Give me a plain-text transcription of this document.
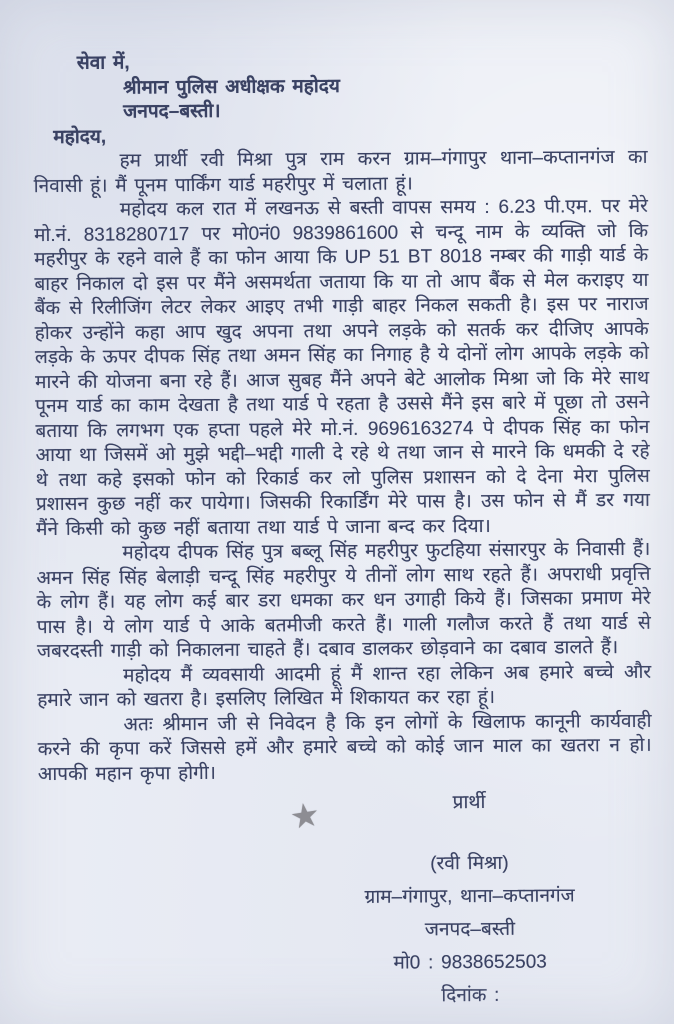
सेवा में,
श्रीमान पुलिस अधीक्षक महोदय
जनपद–बस्ती।
महोदय,

हम प्रार्थी रवी मिश्रा पुत्र राम करन ग्राम–गंगापुर थाना–कप्तानगंज का निवासी हूं। मैं पूनम पार्किंग यार्ड महरीपुर में चलाता हूं।

महोदय कल रात में लखनऊ से बस्ती वापस समय : 6.23 पी.एम. पर मेरे मो.नं. 8318280717 पर मो0नं0 9839861600 से चन्दू नाम के व्यक्ति जो कि महरीपुर के रहने वाले हैं का फोन आया कि UP 51 BT 8018 नम्बर की गाड़ी यार्ड के बाहर निकाल दो इस पर मैंने असमर्थता जताया कि या तो आप बैंक से मेल कराइए या बैंक से रिलीजिंग लेटर लेकर आइए तभी गाड़ी बाहर निकल सकती है। इस पर नाराज होकर उन्होंने कहा आप खुद अपना तथा अपने लड़के को सतर्क कर दीजिए आपके लड़के के ऊपर दीपक सिंह तथा अमन सिंह का निगाह है ये दोनों लोग आपके लड़के को मारने की योजना बना रहे हैं। आज सुबह मैंने अपने बेटे आलोक मिश्रा जो कि मेरे साथ पूनम यार्ड का काम देखता है तथा यार्ड पे रहता है उससे मैंने इस बारे में पूछा तो उसने बताया कि लगभग एक हप्ता पहले मेरे मो.नं. 9696163274 पे दीपक सिंह का फोन आया था जिसमें ओ मुझे भद्दी–भद्दी गाली दे रहे थे तथा जान से मारने कि धमकी दे रहे थे तथा कहे इसको फोन को रिकार्ड कर लो पुलिस प्रशासन को दे देना मेरा पुलिस प्रशासन कुछ नहीं कर पायेगा। जिसकी रिकार्डिंग मेरे पास है। उस फोन से मैं डर गया मैंने किसी को कुछ नहीं बताया तथा यार्ड पे जाना बन्द कर दिया।

महोदय दीपक सिंह पुत्र बब्लू सिंह महरीपुर फुटहिया संसारपुर के निवासी हैं। अमन सिंह सिंह बेलाड़ी चन्दू सिंह महरीपुर ये तीनों लोग साथ रहते हैं। अपराधी प्रवृत्ति के लोग हैं। यह लोग कई बार डरा धमका कर धन उगाही किये हैं। जिसका प्रमाण मेरे पास है। ये लोग यार्ड पे आके बतमीजी करते हैं। गाली गलौज करते हैं तथा यार्ड से जबरदस्ती गाड़ी को निकालना चाहते हैं। दबाव डालकर छोड़वाने का दबाव डालते हैं।

महोदय मैं व्यवसायी आदमी हूं मैं शान्त रहा लेकिन अब हमारे बच्चे और हमारे जान को खतरा है। इसलिए लिखित में शिकायत कर रहा हूं।

अतः श्रीमान जी से निवेदन है कि इन लोगों के खिलाफ कानूनी कार्यवाही करने की कृपा करें जिससे हमें और हमारे बच्चे को कोई जान माल का खतरा न हो। आपकी महान कृपा होगी।

प्रार्थी
(रवी मिश्रा)
ग्राम–गंगापुर, थाना–कप्तानगंज
जनपद–बस्ती
मो0 : 9838652503
दिनांक :
★
